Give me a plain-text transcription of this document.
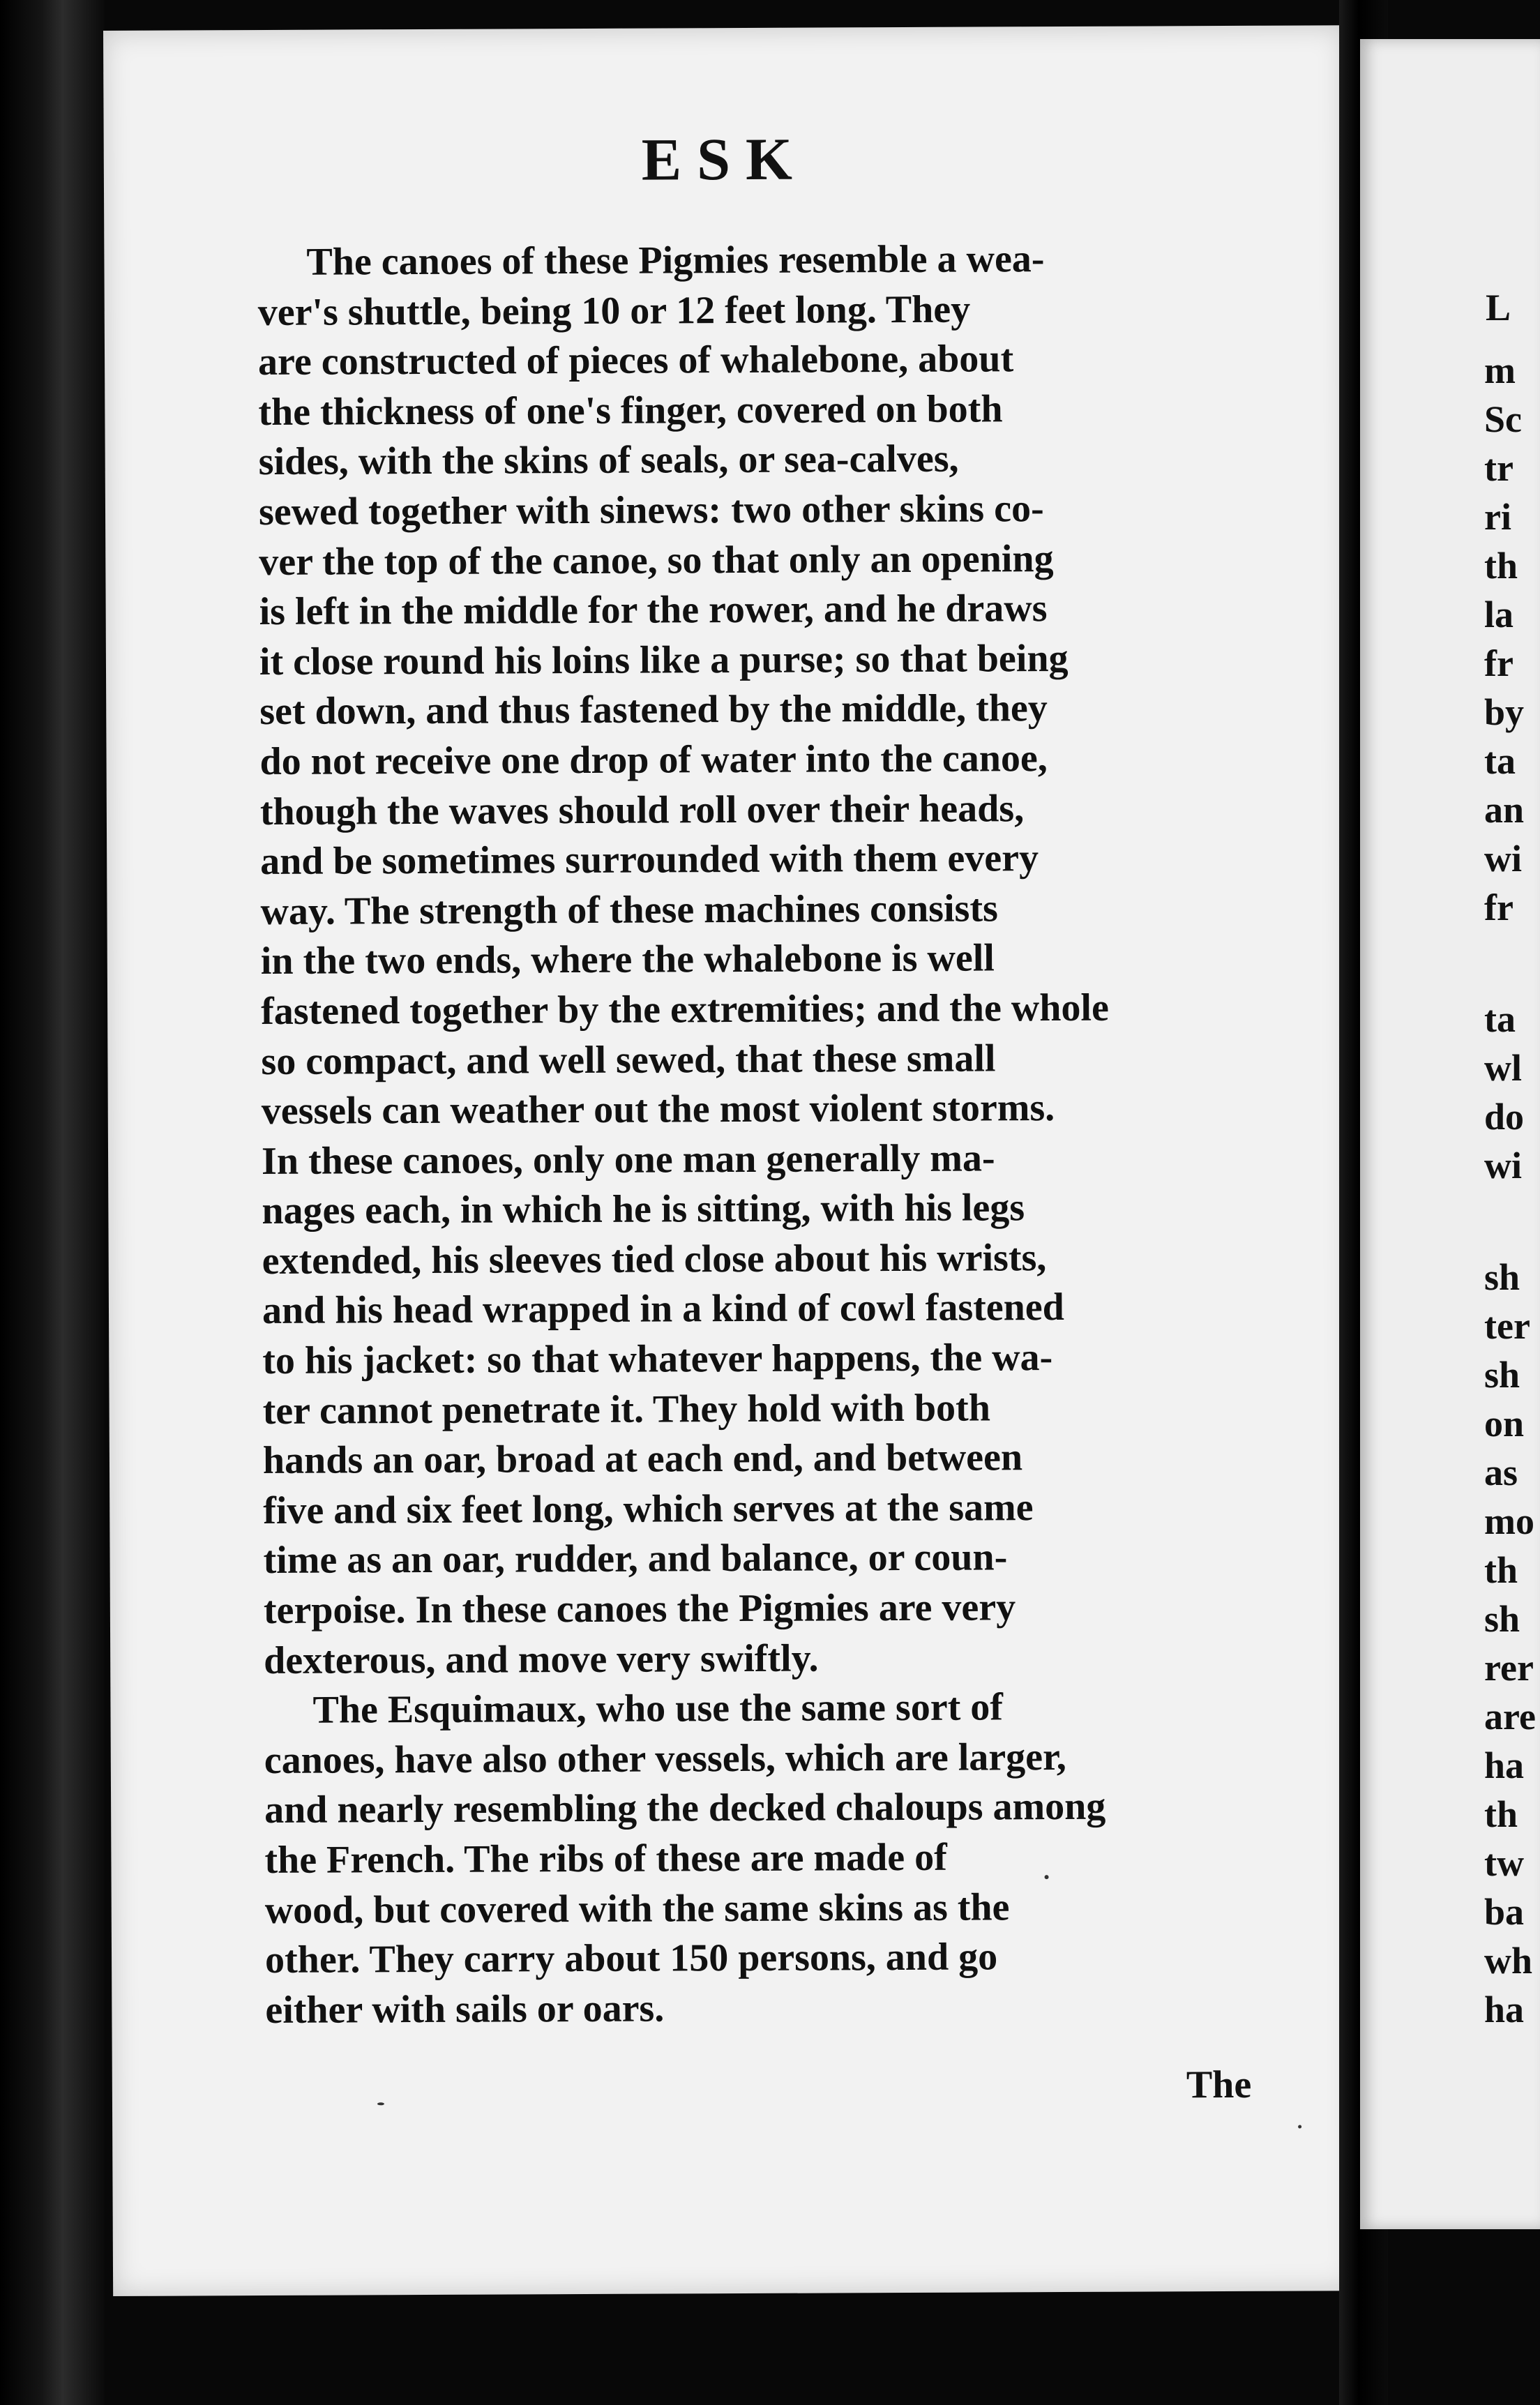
ESK
The canoes of these Pigmies resemble a wea-
ver's shuttle, being 10 or 12 feet long. They
are constructed of pieces of whalebone, about
the thickness of one's finger, covered on both
sides, with the skins of seals, or sea-calves,
sewed together with sinews: two other skins co-
ver the top of the canoe, so that only an opening
is left in the middle for the rower, and he draws
it close round his loins like a purse; so that being
set down, and thus fastened by the middle, they
do not receive one drop of water into the canoe,
though the waves should roll over their heads,
and be sometimes surrounded with them every
way. The strength of these machines consists
in the two ends, where the whalebone is well
fastened together by the extremities; and the whole
so compact, and well sewed, that these small
vessels can weather out the most violent storms.
In these canoes, only one man generally ma-
nages each, in which he is sitting, with his legs
extended, his sleeves tied close about his wrists,
and his head wrapped in a kind of cowl fastened
to his jacket: so that whatever happens, the wa-
ter cannot penetrate it. They hold with both
hands an oar, broad at each end, and between
five and six feet long, which serves at the same
time as an oar, rudder, and balance, or coun-
terpoise. In these canoes the Pigmies are very
dexterous, and move very swiftly.
The Esquimaux, who use the same sort of
canoes, have also other vessels, which are larger,
and nearly resembling the decked chaloups among
the French. The ribs of these are made of
wood, but covered with the same skins as the
other. They carry about 150 persons, and go
either with sails or oars.
The
L
m
Sc
tr
ri
th
la
fr
by
ta
an
wi
fr
ta
wl
do
wi
sh
ter
sh
on
as
mo
th
sh
rer
are
ha
th
tw
ba
wh
ha
